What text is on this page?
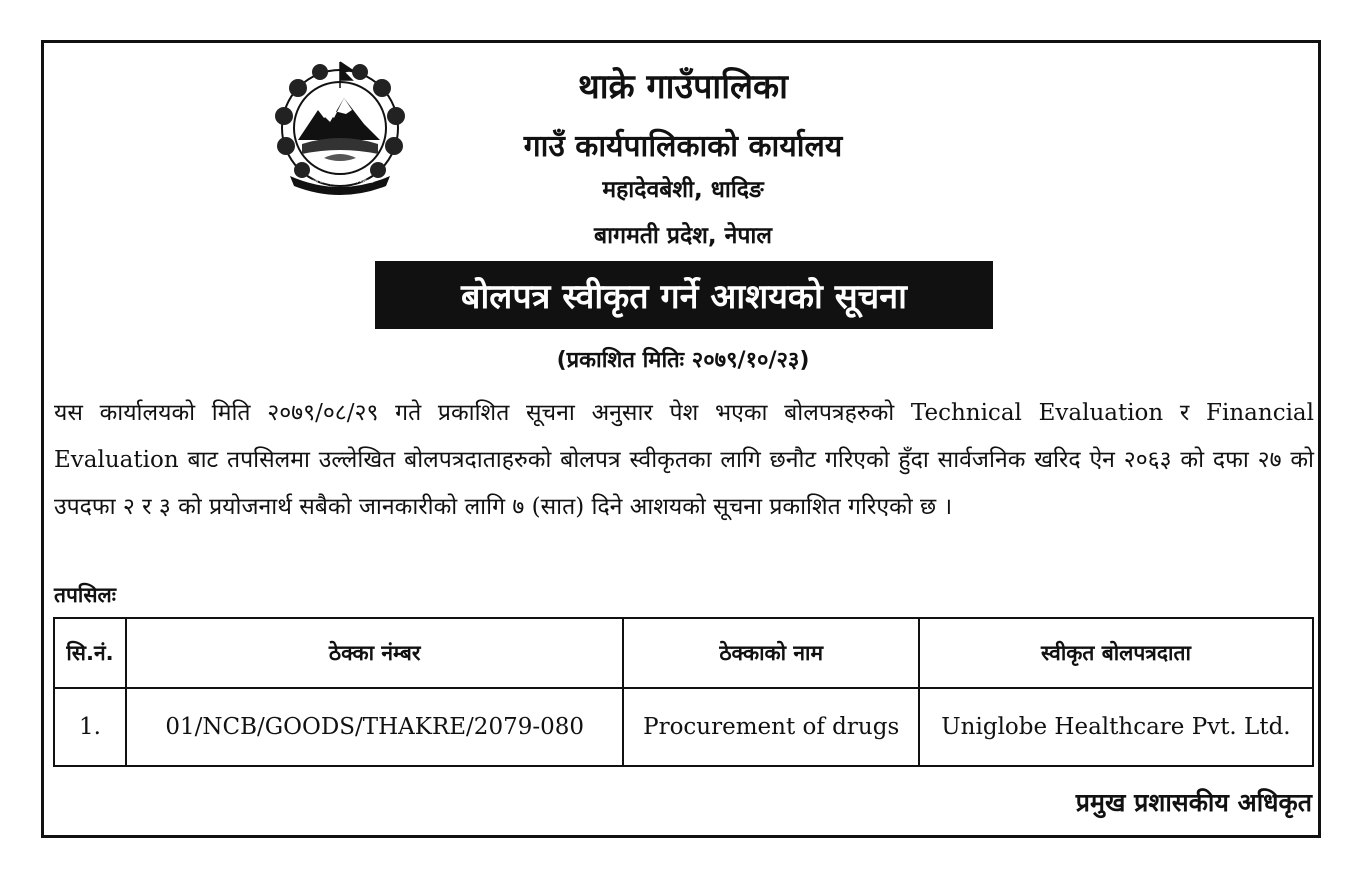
जननी जन्मभूमिश्च स्वर्गादपि गरीयसी
थाक्रे गाउँपालिका
गाउँ कार्यपालिकाको कार्यालय
महादेवबेशी, धादिङ
बागमती प्रदेश, नेपाल
बोलपत्र स्वीकृत गर्ने आशयको सूचना
(प्रकाशित मितिः २०७९/१०/२३)
यस कार्यालयको मिति २०७९/०८/२९ गते प्रकाशित सूचना अनुसार पेश भएका बोलपत्रहरुको Technical Evaluation र Financial Evaluation बाट तपसिलमा उल्लेखित बोलपत्रदाताहरुको बोलपत्र स्वीकृतका लागि छनौट गरिएको हुँदा सार्वजनिक खरिद ऐन २०६३ को दफा २७ को उपदफा २ र ३ को प्रयोजनार्थ सबैको जानकारीको लागि ७ (सात) दिने आशयको सूचना प्रकाशित गरिएको छ ।
तपसिलः
सि.नं.	ठेक्का नंम्बर	ठेक्काको नाम	स्वीकृत बोलपत्रदाता
1.	01/NCB/GOODS/THAKRE/2079-080	Procurement of drugs	Uniglobe Healthcare Pvt. Ltd.
प्रमुख प्रशासकीय अधिकृत
